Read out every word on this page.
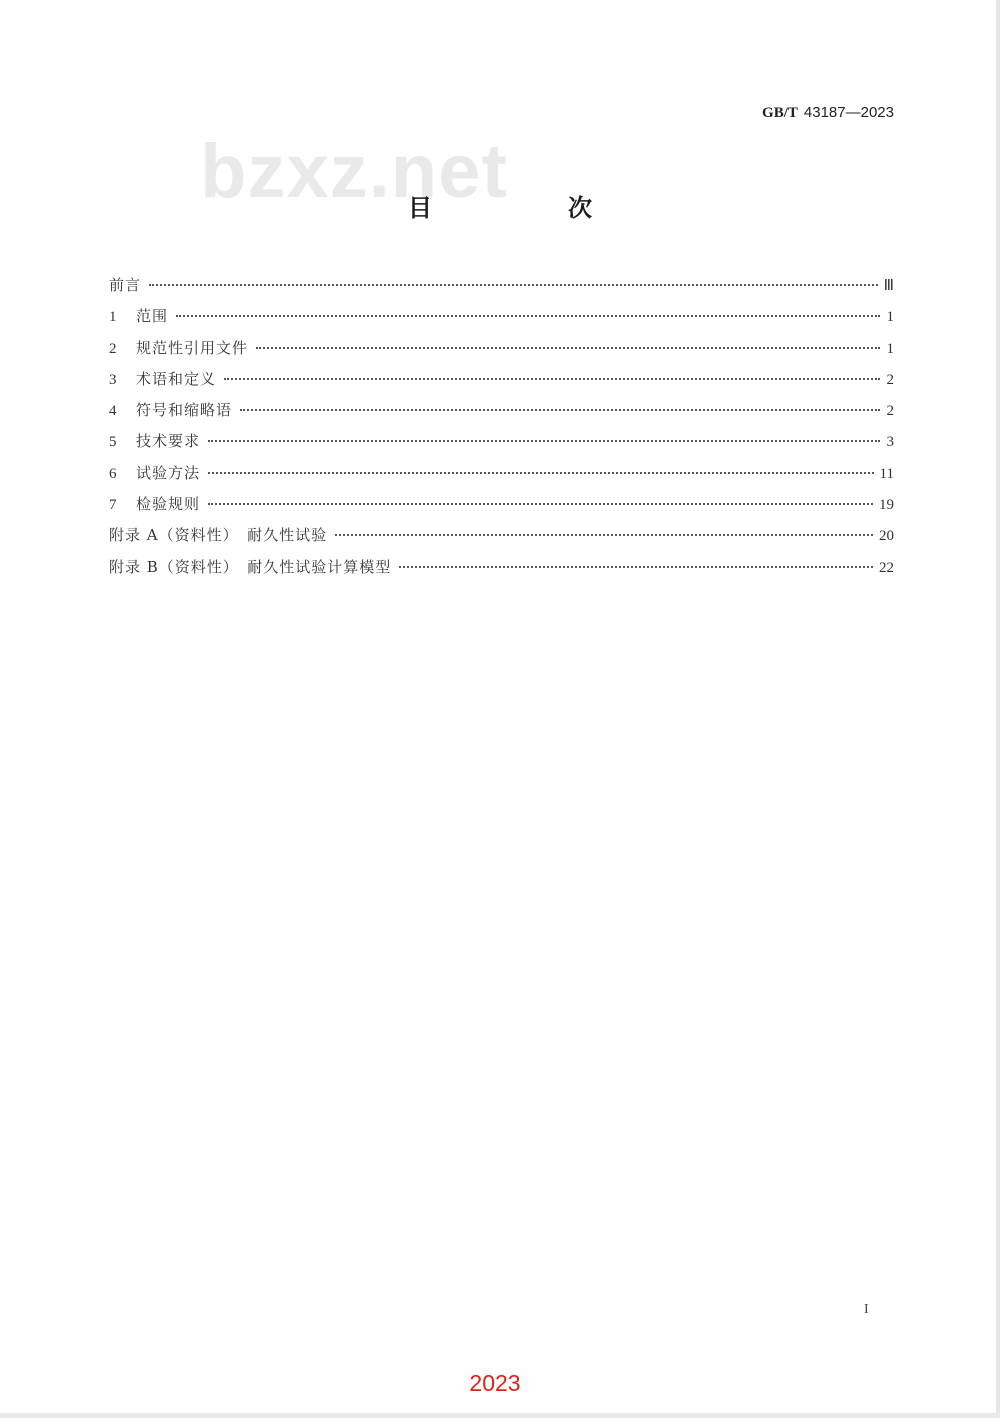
GB/T 43187—2023
bzxz.net
目　次
前言	Ⅲ
1	范围	1
2	规范性引用文件	1
3	术语和定义	2
4	符号和缩略语	2
5	技术要求	3
6	试验方法	11
7	检验规则	19
附录 A（资料性）　耐久性试验	20
附录 B（资料性）　耐久性试验计算模型	22
I
2023
